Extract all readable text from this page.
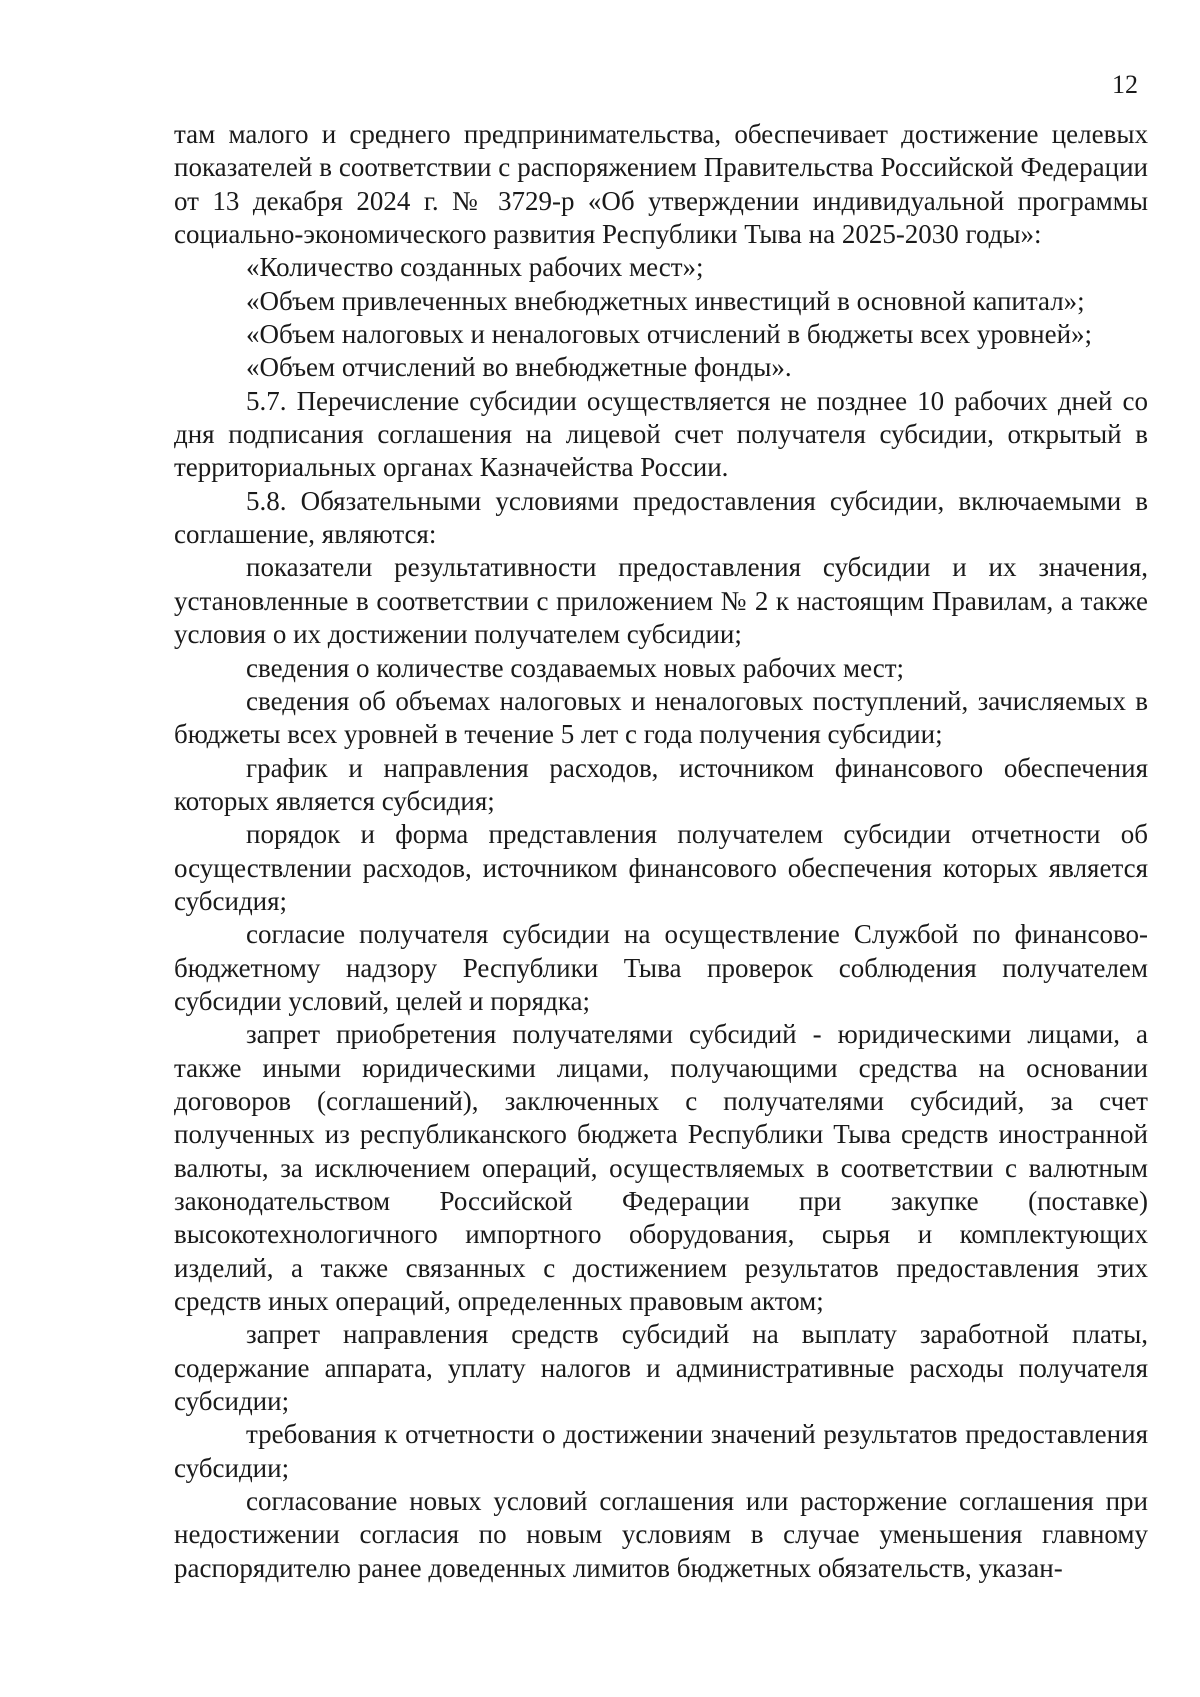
12

там малого и среднего предпринимательства, обеспечивает достижение целевых показателей в соответствии с распоряжением Правительства Российской Федерации от 13 декабря 2024 г. № 3729-р «Об утверждении индивидуальной программы социально-экономического развития Республики Тыва на 2025-2030 годы»:

«Количество созданных рабочих мест»;

«Объем привлеченных внебюджетных инвестиций в основной капитал»;

«Объем налоговых и неналоговых отчислений в бюджеты всех уровней»;

«Объем отчислений во внебюджетные фонды».

5.7. Перечисление субсидии осуществляется не позднее 10 рабочих дней со дня подписания соглашения на лицевой счет получателя субсидии, открытый в территориальных органах Казначейства России.

5.8. Обязательными условиями предоставления субсидии, включаемыми в соглашение, являются:

показатели результативности предоставления субсидии и их значения, установленные в соответствии с приложением № 2 к настоящим Правилам, а также условия о их достижении получателем субсидии;

сведения о количестве создаваемых новых рабочих мест;

сведения об объемах налоговых и неналоговых поступлений, зачисляемых в бюджеты всех уровней в течение 5 лет с года получения субсидии;

график и направления расходов, источником финансового обеспечения которых является субсидия;

порядок и форма представления получателем субсидии отчетности об осуществлении расходов, источником финансового обеспечения которых является субсидия;

согласие получателя субсидии на осуществление Службой по финансово-бюджетному надзору Республики Тыва проверок соблюдения получателем субсидии условий, целей и порядка;

запрет приобретения получателями субсидий - юридическими лицами, а также иными юридическими лицами, получающими средства на основании договоров (соглашений), заключенных с получателями субсидий, за счет полученных из республиканского бюджета Республики Тыва средств иностранной валюты, за исключением операций, осуществляемых в соответствии с валютным законодательством Российской Федерации при закупке (поставке) высокотехнологичного импортного оборудования, сырья и комплектующих изделий, а также связанных с достижением результатов предоставления этих средств иных операций, определенных правовым актом;

запрет направления средств субсидий на выплату заработной платы, содержание аппарата, уплату налогов и административные расходы получателя субсидии;

требования к отчетности о достижении значений результатов предоставления субсидии;

согласование новых условий соглашения или расторжение соглашения при недостижении согласия по новым условиям в случае уменьшения главному распорядителю ранее доведенных лимитов бюджетных обязательств, указан-
